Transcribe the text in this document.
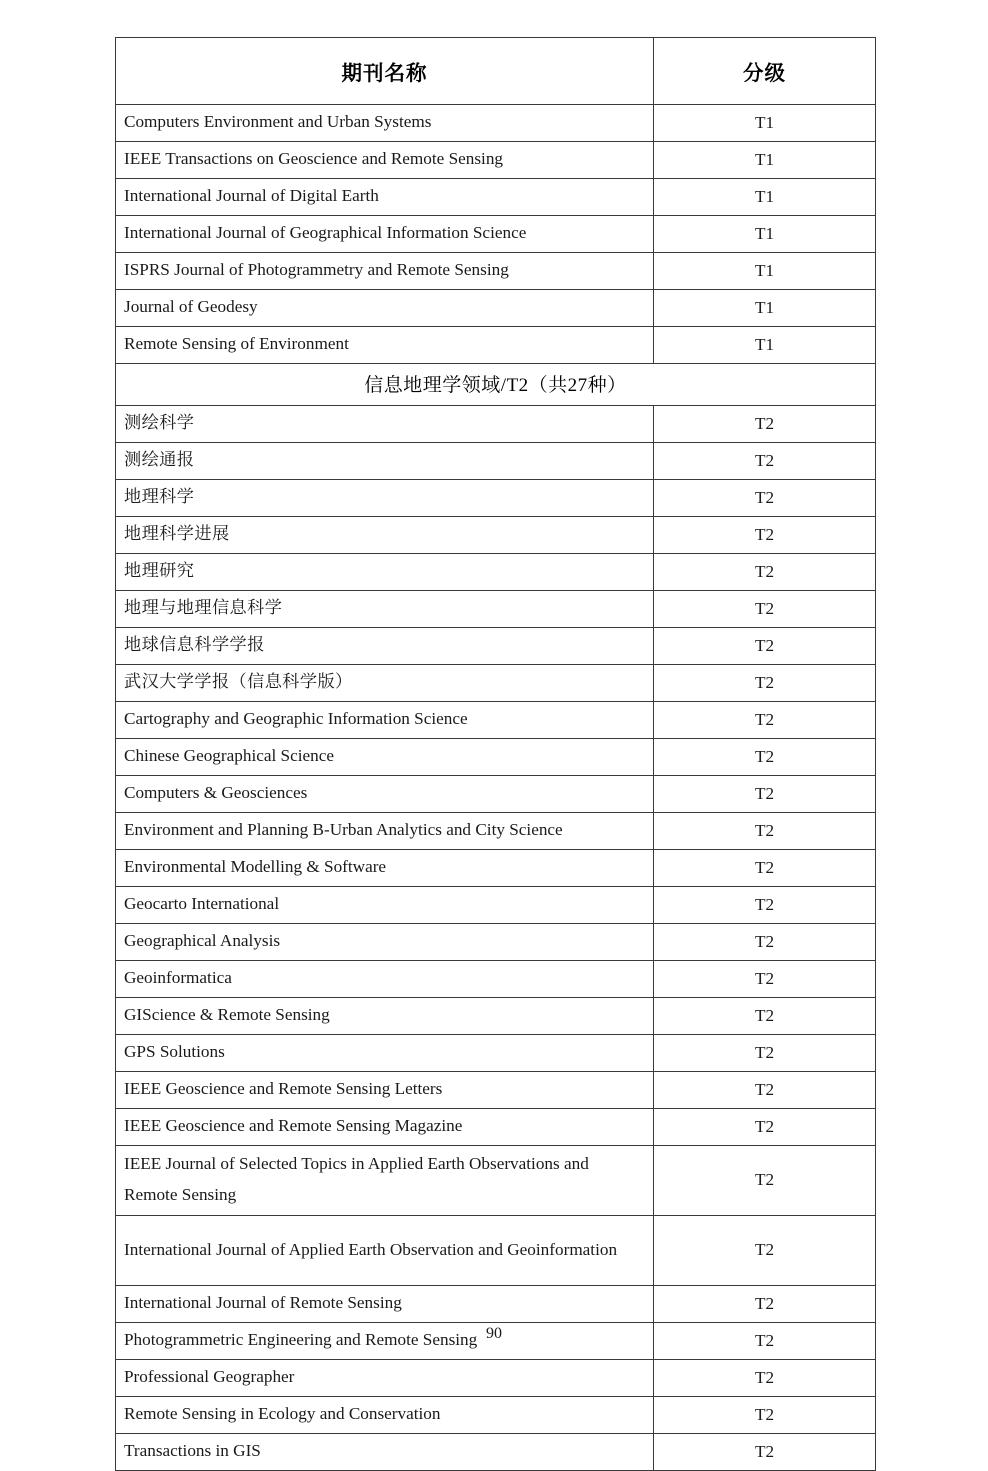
期刊名称	分级
Computers Environment and Urban Systems	T1
IEEE Transactions on Geoscience and Remote Sensing	T1
International Journal of Digital Earth	T1
International Journal of Geographical Information Science	T1
ISPRS Journal of Photogrammetry and Remote Sensing	T1
Journal of Geodesy	T1
Remote Sensing of Environment	T1
信息地理学领域/T2（共27种）	
测绘科学	T2
测绘通报	T2
地理科学	T2
地理科学进展	T2
地理研究	T2
地理与地理信息科学	T2
地球信息科学学报	T2
武汉大学学报（信息科学版）	T2
Cartography and Geographic Information Science	T2
Chinese Geographical Science	T2
Computers & Geosciences	T2
Environment and Planning B-Urban Analytics and City Science	T2
Environmental Modelling & Software	T2
Geocarto International	T2
Geographical Analysis	T2
Geoinformatica	T2
GIScience & Remote Sensing	T2
GPS Solutions	T2
IEEE Geoscience and Remote Sensing Letters	T2
IEEE Geoscience and Remote Sensing Magazine	T2
IEEE Journal of Selected Topics in Applied Earth Observations and Remote Sensing	T2
International Journal of Applied Earth Observation and Geoinformation	T2
International Journal of Remote Sensing	T2
Photogrammetric Engineering and Remote Sensing	T2
Professional Geographer	T2
Remote Sensing in Ecology and Conservation	T2
Transactions in GIS	T2
90
